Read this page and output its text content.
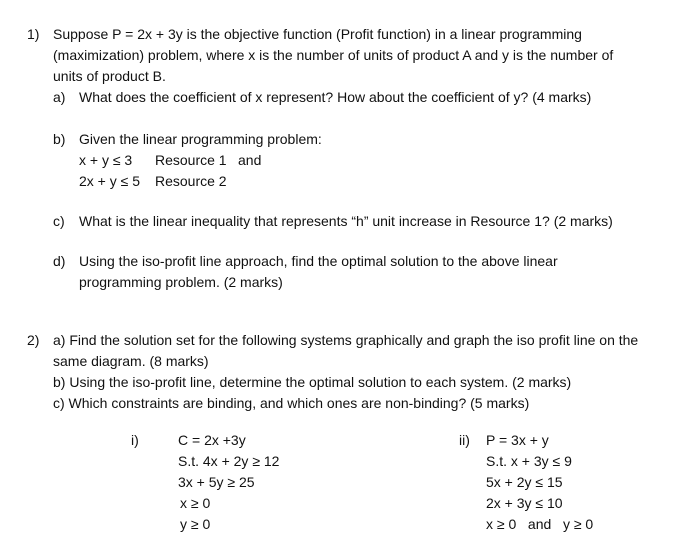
1) Suppose P = 2x + 3y is the objective function (Profit function) in a linear programming
(maximization) problem, where x is the number of units of product A and y is the number of
units of product B.
a) What does the coefficient of x represent? How about the coefficient of y? (4 marks)
b) Given the linear programming problem:
x + y ≤ 3 Resource 1 and
2x + y ≤ 5 Resource 2
c) What is the linear inequality that represents “h” unit increase in Resource 1? (2 marks)
d) Using the iso-profit line approach, find the optimal solution to the above linear
programming problem. (2 marks)
2) a) Find the solution set for the following systems graphically and graph the iso profit line on the
same diagram. (8 marks)
b) Using the iso-profit line, determine the optimal solution to each system. (2 marks)
c) Which constraints are binding, and which ones are non-binding? (5 marks)
i)	C = 2x +3y
S.t. 4x + 2y ≥ 12
3x + 5y ≥ 25
x ≥ 0
y ≥ 0
ii) P = 3x + y
S.t. x + 3y ≤ 9
5x + 2y ≤ 15
2x + 3y ≤ 10
x ≥ 0   and   y ≥ 0
